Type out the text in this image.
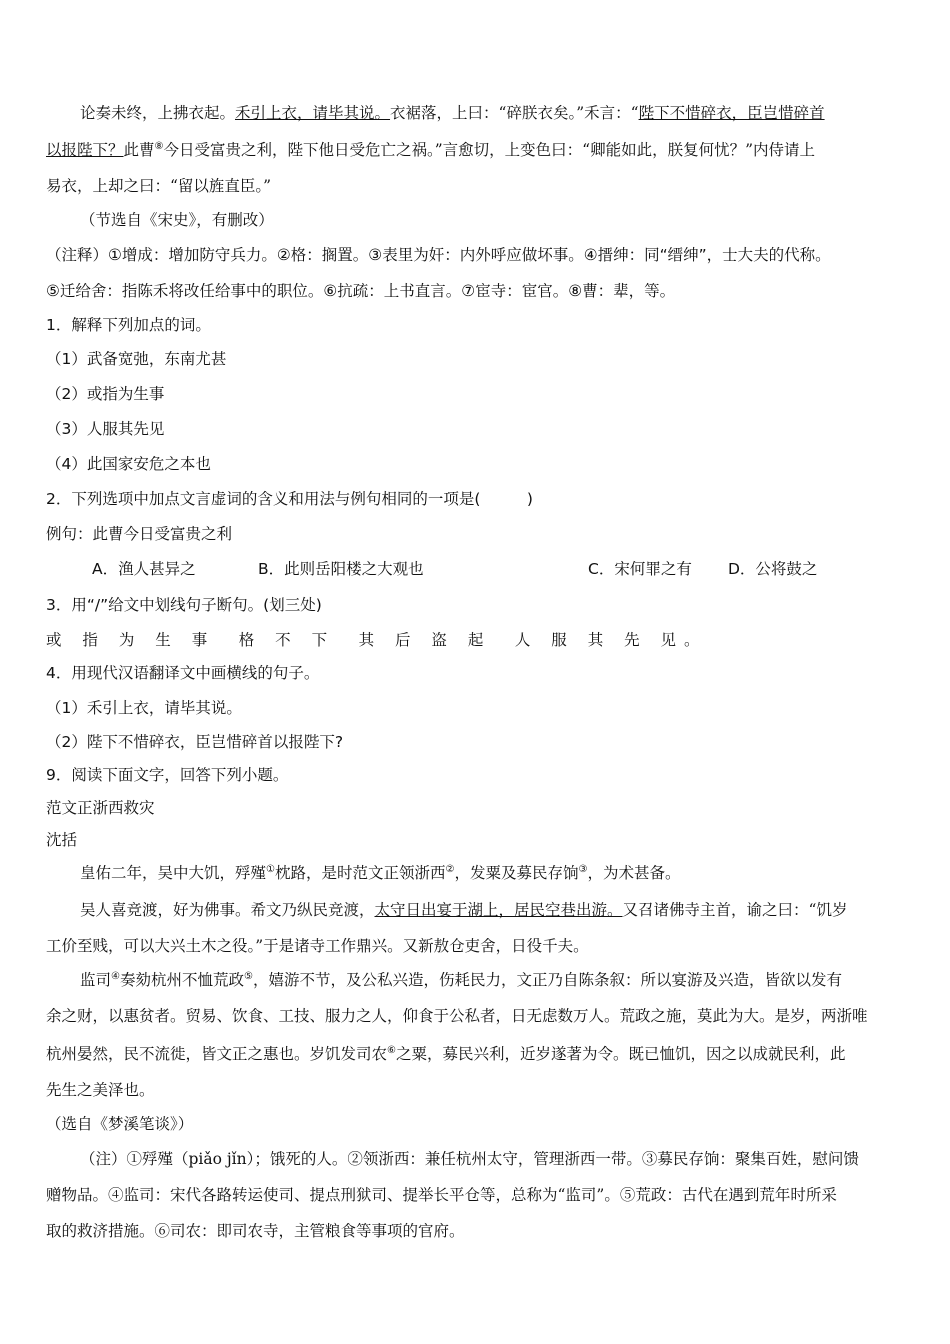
论奏未终，上拂衣起。禾引上衣，请毕其说。衣裾落，上曰：“碎朕衣矣。”禾言：“陛下不惜碎衣，臣岂惜碎首
以报陛下？此曹⑧今日受富贵之利，陛下他日受危亡之祸。”言愈切，上变色曰：“卿能如此，朕复何忧？”内侍请上
易衣，上却之曰：“留以旌直臣。”
（节选自《宋史》，有删改）
（注释）①增成：增加防守兵力。②格：搁置。③表里为奸：内外呼应做坏事。④搢绅：同“缙绅”，士大夫的代称。
⑤迁给舍：指陈禾将改任给事中的职位。⑥抗疏：上书直言。⑦宦寺：宦官。⑧曹：辈，等。
1．解释下列加点的词。
（1）武备宽弛，东南尤甚
（2）或指为生事
（3）人服其先见
（4）此国家安危之本也
2．下列选项中加点文言虚词的含义和用法与例句相同的一项是(　　　)
例句：此曹今日受富贵之利
A．渔人甚异之	B．此则岳阳楼之大观也	C．宋何罪之有 D．公将鼓之
3．用“/”给文中划线句子断句。(划三处)
或 指 为 生 事　格 不 下　其 后 盗 起　人 服 其 先 见。
4．用现代汉语翻译文中画横线的句子。
（1）禾引上衣，请毕其说。
（2）陛下不惜碎衣，臣岂惜碎首以报陛下?
9．阅读下面文字，回答下列小题。
范文正浙西救灾
沈括
皇佑二年，吴中大饥，殍殣①枕路，是时范文正领浙西②，发粟及募民存饷③，为术甚备。
吴人喜竞渡，好为佛事。希文乃纵民竞渡，太守日出宴于湖上，居民空巷出游。又召诸佛寺主首，谕之曰：“饥岁
工价至贱，可以大兴土木之役。”于是诸寺工作鼎兴。又新敖仓吏舍，日役千夫。
监司④奏劾杭州不恤荒政⑤，嬉游不节，及公私兴造，伤耗民力，文正乃自陈条叙：所以宴游及兴造，皆欲以发有
余之财，以惠贫者。贸易、饮食、工技、服力之人，仰食于公私者，日无虑数万人。荒政之施，莫此为大。是岁，两浙唯
杭州晏然，民不流徙，皆文正之惠也。岁饥发司农⑥之粟，募民兴利，近岁遂著为令。既已恤饥，因之以成就民利，此
先生之美泽也。
（选自《梦溪笔谈》）
（注）①殍殣（piǎo jǐn）；饿死的人。②领浙西：兼任杭州太守，管理浙西一带。③募民存饷：聚集百姓，慰问馈
赠物品。④监司：宋代各路转运使司、提点刑狱司、提举长平仓等，总称为“监司”。⑤荒政：古代在遇到荒年时所采
取的救济措施。⑥司农：即司农寺，主管粮食等事项的官府。
